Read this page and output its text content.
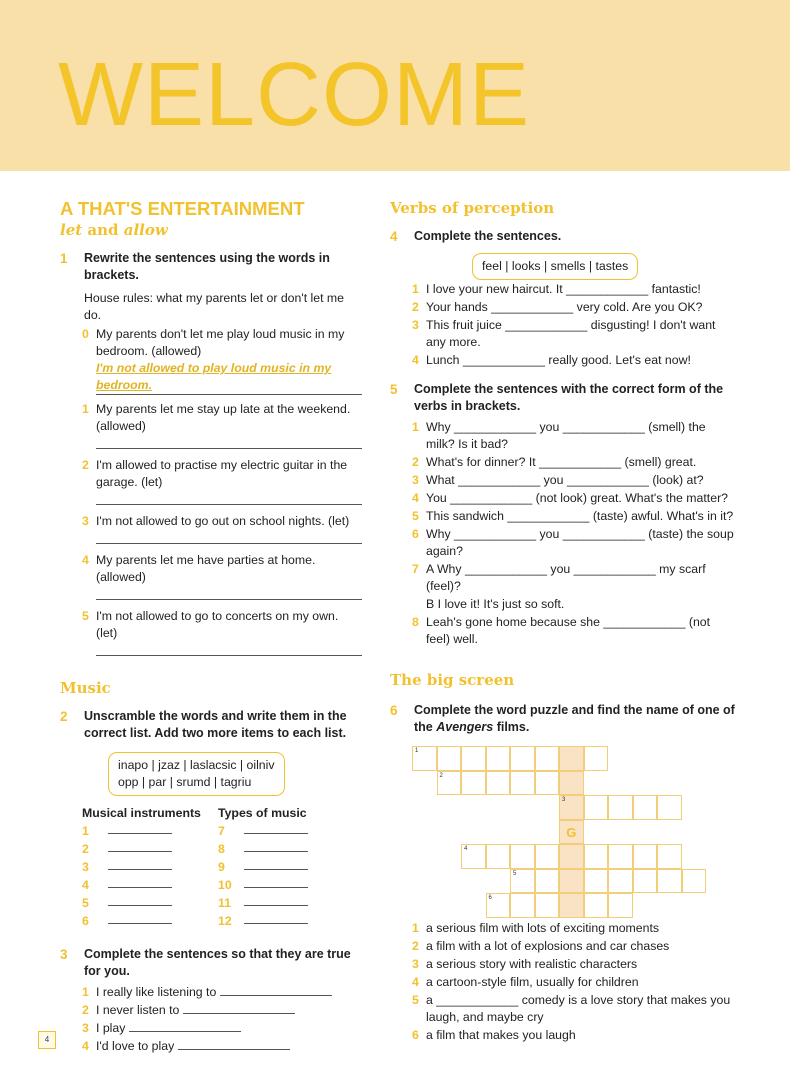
WELCOME
A THAT'S ENTERTAINMENT
let and allow
1	Rewrite the sentences using the words in brackets.
House rules: what my parents let or don't let me do.
0 My parents don't let me play loud music in my bedroom. (allowed)
I'm not allowed to play loud music in my bedroom.
1 My parents let me stay up late at the weekend. (allowed)
2 I'm allowed to practise my electric guitar in the garage. (let)
3 I'm not allowed to go out on school nights. (let)
4 My parents let me have parties at home. (allowed)
5 I'm not allowed to go to concerts on my own. (let)
Music
2	Unscramble the words and write them in the correct list. Add two more items to each list.
inapo | jzaz | laslacsic | oilniv
opp | par | srumd | tagriu
Musical instruments
1
2
3
4
5
6
Types of music
7
8
9
10
11
12
3	Complete the sentences so that they are true for you.
1 I really like listening to
2 I never listen to
3 I play
4 I'd love to play
Verbs of perception
4	Complete the sentences.
feel | looks | smells | tastes
1 I love your new haircut. It ____________ fantastic!
2 Your hands ____________ very cold. Are you OK?
3 This fruit juice ____________ disgusting! I don't want any more.
4 Lunch ____________ really good. Let's eat now!
5	Complete the sentences with the correct form of the verbs in brackets.
1 Why ____________ you ____________ (smell) the milk? Is it bad?
2 What's for dinner? It ____________ (smell) great.
3 What ____________ you ____________ (look) at?
4 You ____________ (not look) great. What's the matter?
5 This sandwich ____________ (taste) awful. What's in it?
6 Why ____________ you ____________ (taste) the soup again?
7 A Why ____________ you ____________ my scarf (feel)?
B I love it! It's just so soft.
8 Leah's gone home because she ____________ (not feel) well.
The big screen
6	Complete the word puzzle and find the name of one of the Avengers films.
1
2
3
G
4
5
6
1 a serious film with lots of exciting moments
2 a film with a lot of explosions and car chases
3 a serious story with realistic characters
4 a cartoon-style film, usually for children
5 a ____________ comedy is a love story that makes you laugh, and maybe cry
6 a film that makes you laugh
4
